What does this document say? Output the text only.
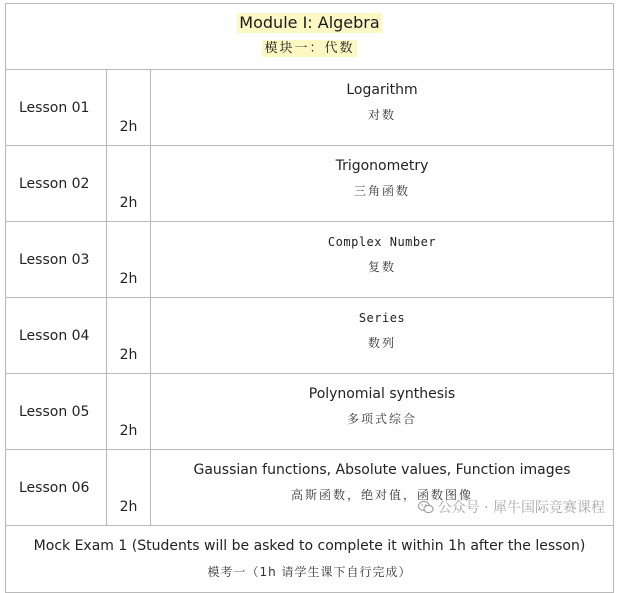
Module I: Algebra
模块一：代数		
Lesson 01	2h	Logarithm
对数

Lesson 02	2h	Trigonometry
三角函数

Lesson 03	2h	Complex Number
复数

Lesson 04	2h	Series
数列

Lesson 05	2h	Polynomial synthesis
多项式综合

Lesson 06	2h	Gaussian functions, Absolute values, Function images
高斯函数，绝对值，函数图像

Mock Exam 1 (Students will be asked to complete it within 1h after the lesson)
模考一（1h 请学生课下自行完成）		
公众号 · 犀牛国际竞赛课程
